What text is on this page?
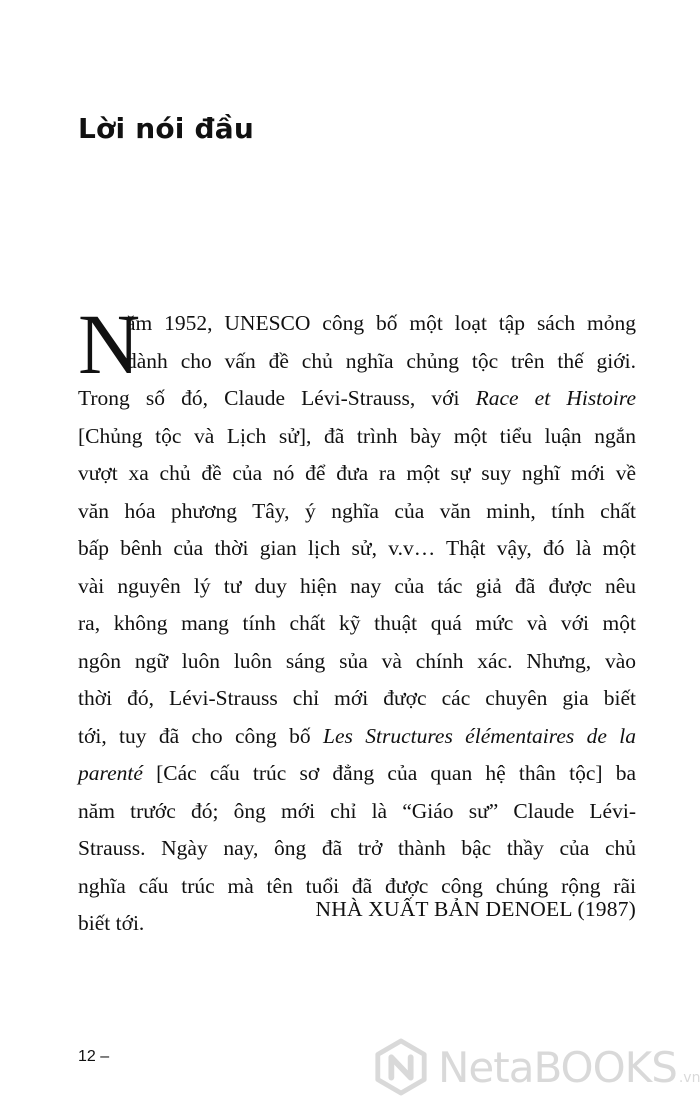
Lời nói đầu
N
ăm 1952, UNESCO công bố một loạt tập sách mỏng
dành cho vấn đề chủ nghĩa chủng tộc trên thế giới.
Trong số đó, Claude Lévi-Strauss, với Race et Histoire
[Chủng tộc và Lịch sử], đã trình bày một tiểu luận ngắn
vượt xa chủ đề của nó để đưa ra một sự suy nghĩ mới về
văn hóa phương Tây, ý nghĩa của văn minh, tính chất
bấp bênh của thời gian lịch sử, v.v… Thật vậy, đó là một
vài nguyên lý tư duy hiện nay của tác giả đã được nêu
ra, không mang tính chất kỹ thuật quá mức và với một
ngôn ngữ luôn luôn sáng sủa và chính xác. Nhưng, vào
thời đó, Lévi-Strauss chỉ mới được các chuyên gia biết
tới, tuy đã cho công bố Les Structures élémentaires de la
parenté [Các cấu trúc sơ đẳng của quan hệ thân tộc] ba
năm trước đó; ông mới chỉ là “Giáo sư” Claude Lévi-
Strauss. Ngày nay, ông đã trở thành bậc thầy của chủ
nghĩa cấu trúc mà tên tuổi đã được công chúng rộng rãi
biết tới.
NHÀ XUẤT BẢN DENOEL (1987)
12 –	NetaBOOKS .vn
